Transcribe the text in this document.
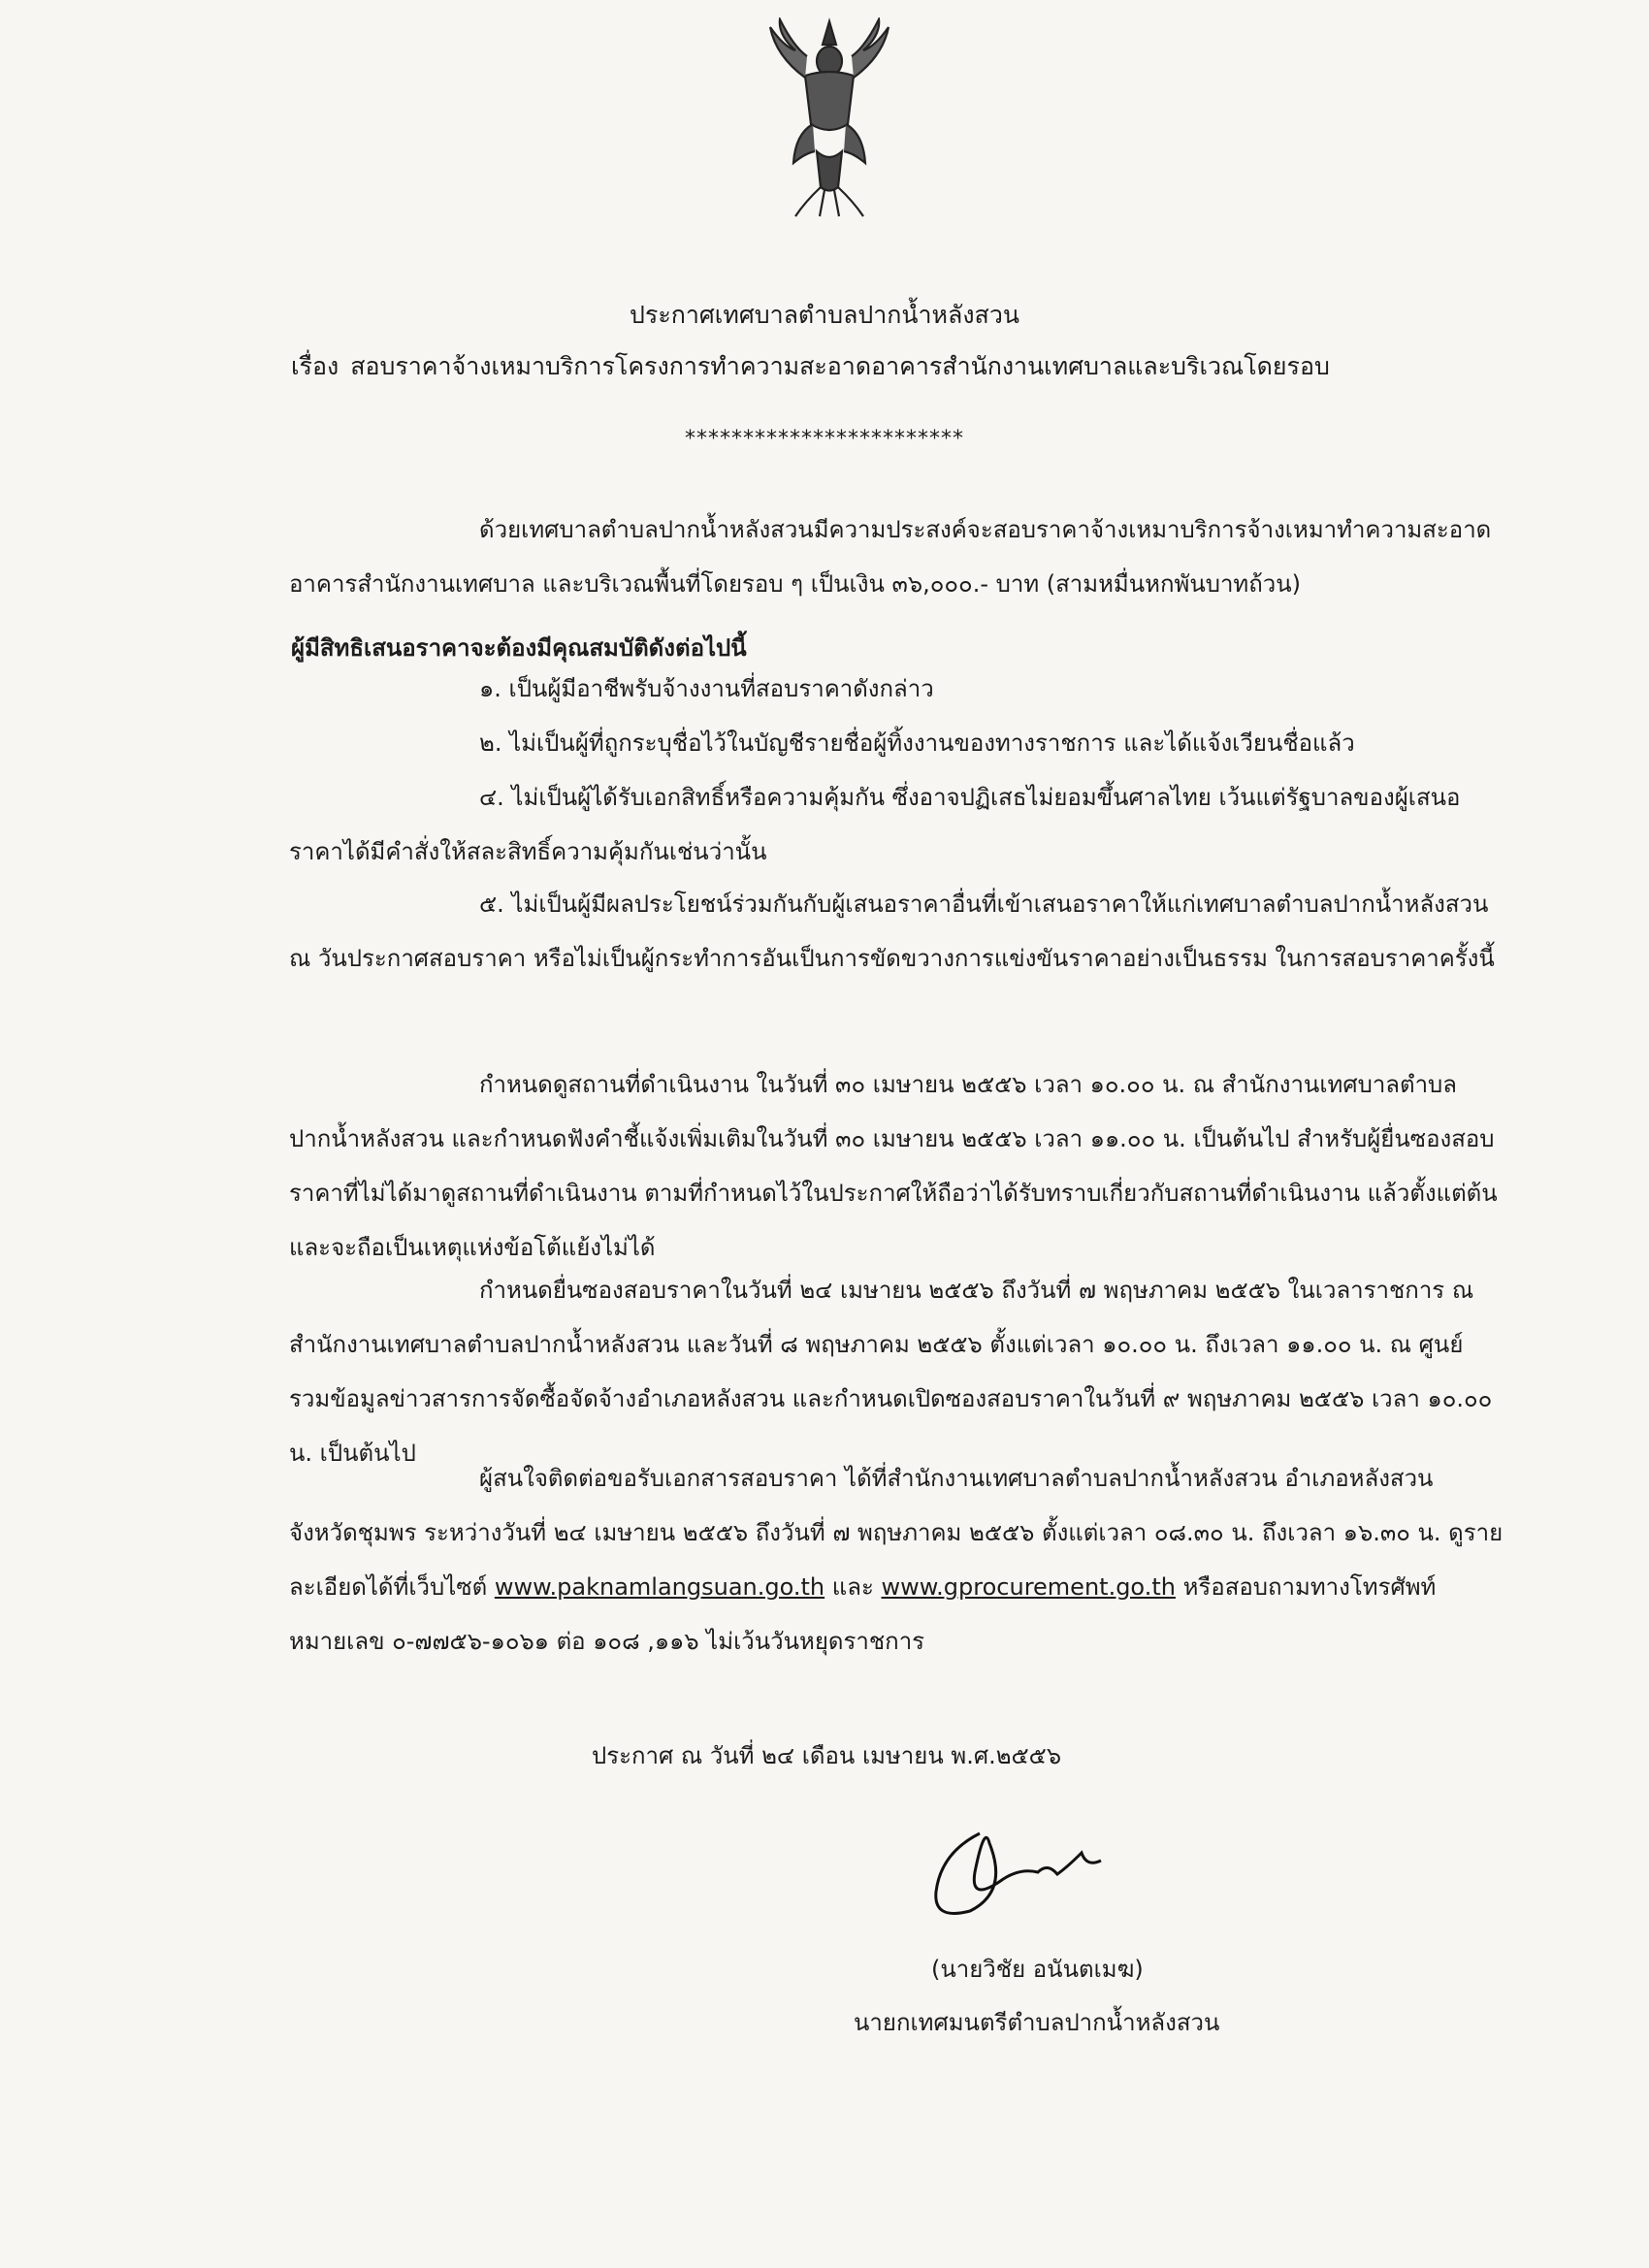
ประกาศเทศบาลตำบลปากน้ำหลังสวน
เรื่อง สอบราคาจ้างเหมาบริการโครงการทำความสะอาดอาคารสำนักงานเทศบาลและบริเวณโดยรอบ
************************
ด้วยเทศบาลตำบลปากน้ำหลังสวนมีความประสงค์จะสอบราคาจ้างเหมาบริการจ้างเหมาทำความสะอาดอาคารสำนักงานเทศบาล และบริเวณพื้นที่โดยรอบ ๆ เป็นเงิน ๓๖,๐๐๐.- บาท (สามหมื่นหกพันบาทถ้วน)
ผู้มีสิทธิเสนอราคาจะต้องมีคุณสมบัติดังต่อไปนี้
๑. เป็นผู้มีอาชีพรับจ้างงานที่สอบราคาดังกล่าว
๒. ไม่เป็นผู้ที่ถูกระบุชื่อไว้ในบัญชีรายชื่อผู้ทิ้งงานของทางราชการ และได้แจ้งเวียนชื่อแล้ว
๔. ไม่เป็นผู้ได้รับเอกสิทธิ์หรือความคุ้มกัน ซึ่งอาจปฏิเสธไม่ยอมขึ้นศาลไทย เว้นแต่รัฐบาลของผู้เสนอราคาได้มีคำสั่งให้สละสิทธิ์ความคุ้มกันเช่นว่านั้น
๕. ไม่เป็นผู้มีผลประโยชน์ร่วมกันกับผู้เสนอราคาอื่นที่เข้าเสนอราคาให้แก่เทศบาลตำบลปากน้ำหลังสวน ณ วันประกาศสอบราคา หรือไม่เป็นผู้กระทำการอันเป็นการขัดขวางการแข่งขันราคาอย่างเป็นธรรม ในการสอบราคาครั้งนี้
กำหนดดูสถานที่ดำเนินงาน ในวันที่ ๓๐ เมษายน ๒๕๕๖ เวลา ๑๐.๐๐ น. ณ สำนักงานเทศบาลตำบลปากน้ำหลังสวน และกำหนดฟังคำชี้แจ้งเพิ่มเติมในวันที่ ๓๐ เมษายน ๒๕๕๖ เวลา ๑๑.๐๐ น. เป็นต้นไป สำหรับผู้ยื่นซองสอบราคาที่ไม่ได้มาดูสถานที่ดำเนินงาน ตามที่กำหนดไว้ในประกาศให้ถือว่าได้รับทราบเกี่ยวกับสถานที่ดำเนินงาน แล้วตั้งแต่ต้น และจะถือเป็นเหตุแห่งข้อโต้แย้งไม่ได้
กำหนดยื่นซองสอบราคาในวันที่ ๒๔ เมษายน ๒๕๕๖ ถึงวันที่ ๗ พฤษภาคม ๒๕๕๖ ในเวลาราชการ ณ สำนักงานเทศบาลตำบลปากน้ำหลังสวน และวันที่ ๘ พฤษภาคม ๒๕๕๖ ตั้งแต่เวลา ๑๐.๐๐ น. ถึงเวลา ๑๑.๐๐ น. ณ ศูนย์รวมข้อมูลข่าวสารการจัดซื้อจัดจ้างอำเภอหลังสวน และกำหนดเปิดซองสอบราคาในวันที่ ๙ พฤษภาคม ๒๕๕๖ เวลา ๑๐.๐๐ น. เป็นต้นไป
ผู้สนใจติดต่อขอรับเอกสารสอบราคา ได้ที่สำนักงานเทศบาลตำบลปากน้ำหลังสวน อำเภอหลังสวน จังหวัดชุมพร ระหว่างวันที่ ๒๔ เมษายน ๒๕๕๖ ถึงวันที่ ๗ พฤษภาคม ๒๕๕๖ ตั้งแต่เวลา ๐๘.๓๐ น. ถึงเวลา ๑๖.๓๐ น. ดูรายละเอียดได้ที่เว็บไซต์ www.paknamlangsuan.go.th และ www.gprocurement.go.th หรือสอบถามทางโทรศัพท์หมายเลข ๐-๗๗๕๖-๑๐๖๑ ต่อ ๑๐๘ ,๑๑๖ ไม่เว้นวันหยุดราชการ
ประกาศ ณ วันที่ ๒๔ เดือน เมษายน พ.ศ.๒๕๕๖
(นายวิชัย อนันตเมฆ)
นายกเทศมนตรีตำบลปากน้ำหลังสวน
